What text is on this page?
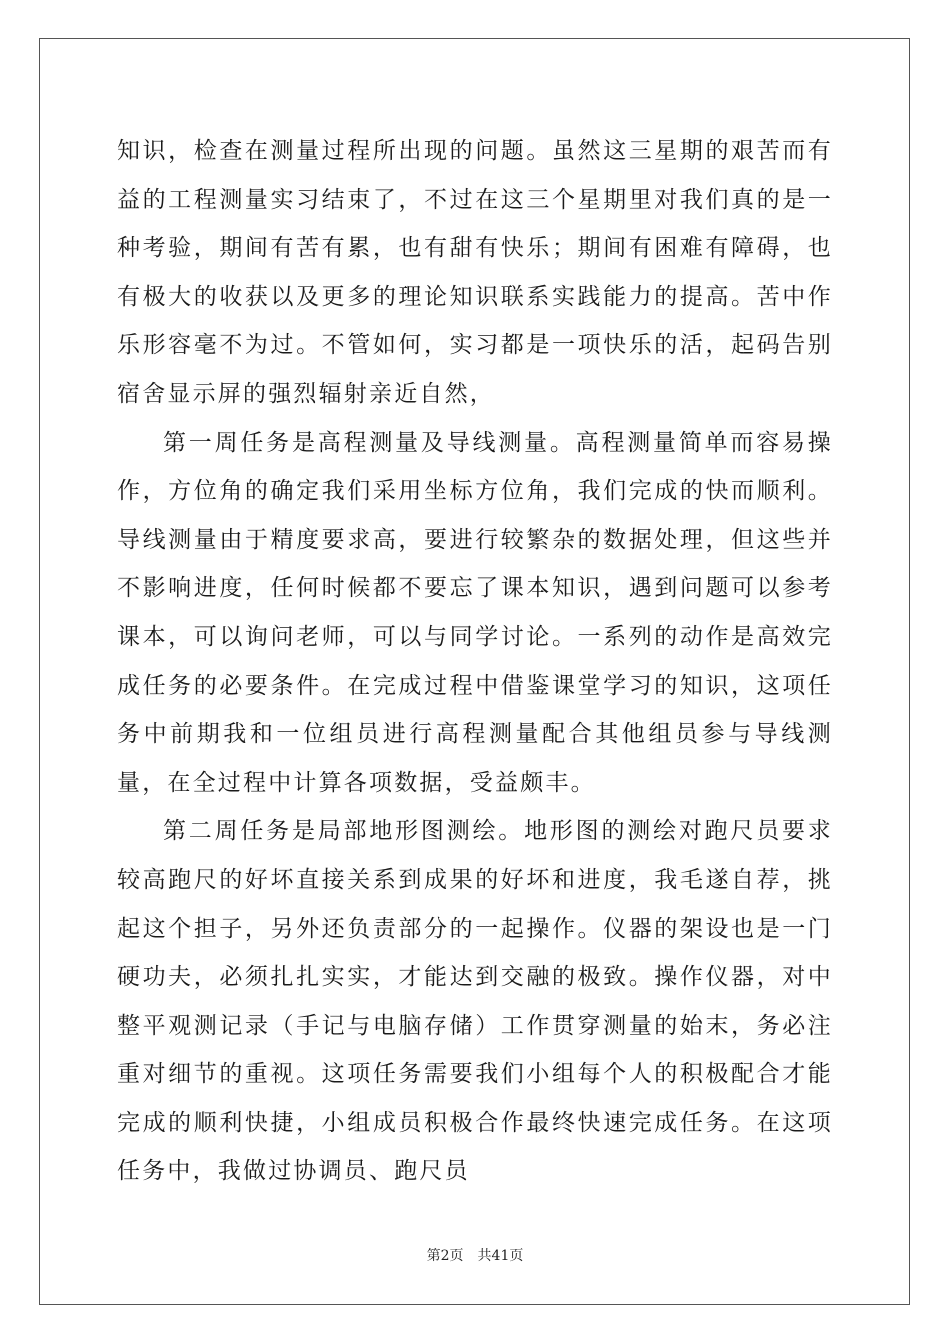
知识，检查在测量过程所出现的问题。虽然这三星期的艰苦而有益的工程测量实习结束了，不过在这三个星期里对我们真的是一种考验，期间有苦有累，也有甜有快乐；期间有困难有障碍，也有极大的收获以及更多的理论知识联系实践能力的提高。苦中作乐形容毫不为过。不管如何，实习都是一项快乐的活，起码告别宿舍显示屏的强烈辐射亲近自然，

第一周任务是高程测量及导线测量。高程测量简单而容易操作，方位角的确定我们采用坐标方位角，我们完成的快而顺利。导线测量由于精度要求高，要进行较繁杂的数据处理，但这些并不影响进度，任何时候都不要忘了课本知识，遇到问题可以参考课本，可以询问老师，可以与同学讨论。一系列的动作是高效完成任务的必要条件。在完成过程中借鉴课堂学习的知识，这项任务中前期我和一位组员进行高程测量配合其他组员参与导线测量，在全过程中计算各项数据，受益颇丰。

第二周任务是局部地形图测绘。地形图的测绘对跑尺员要求较高跑尺的好坏直接关系到成果的好坏和进度，我毛遂自荐，挑起这个担子，另外还负责部分的一起操作。仪器的架设也是一门硬功夫，必须扎扎实实，才能达到交融的极致。操作仪器，对中整平观测记录（手记与电脑存储）工作贯穿测量的始末，务必注重对细节的重视。这项任务需要我们小组每个人的积极配合才能完成的顺利快捷，小组成员积极合作最终快速完成任务。在这项任务中，我做过协调员、跑尺员

第2页 共41页
